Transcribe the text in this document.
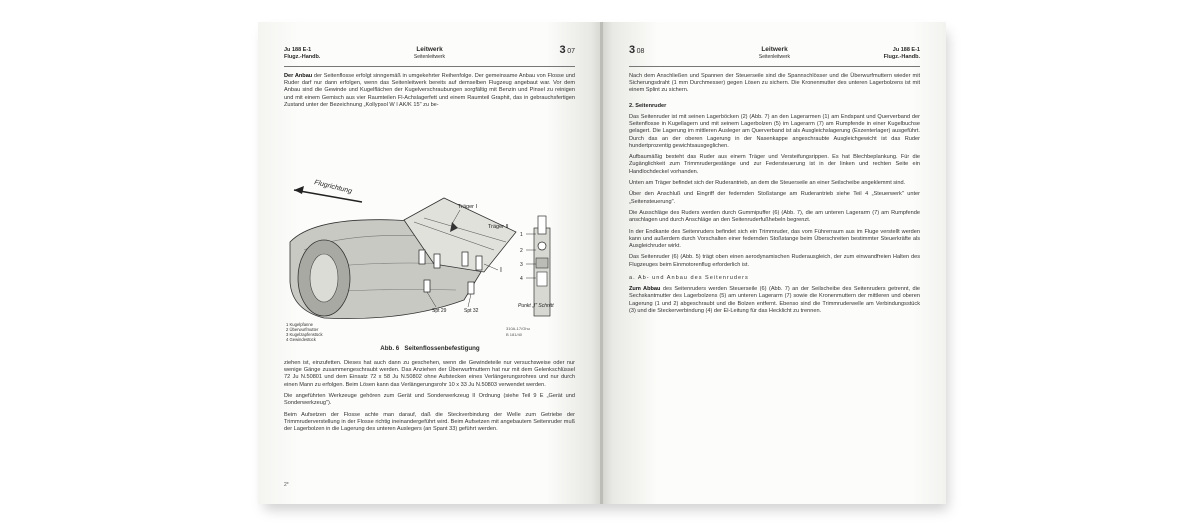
Ju 188 E-1
Flugz.-Handb.
Leitwerk
Seitenleitwerk
3 07

Der Anbau der Seitenflosse erfolgt sinngemäß in umgekehrter Reihenfolge. Der gemeinsame Anbau von Flosse und Ruder darf nur dann erfolgen, wenn das Seitenleitwerk bereits auf demselben Flugzeug angebaut war. Vor dem Anbau sind die Gewinde und Kugelflächen der Kugelverschraubungen sorgfältig mit Benzin und Pinsel zu reinigen und mit einem Gemisch aus vier Raumteilen Fl-Achslagerfett und einem Raumteil Graphit, das in gebrauchsfertigen Zustand unter der Bezeichnung „Kollypsol W I AK/K 15" zu be-

Flugrichtung
Träger I
Träger II
Spt 29	Spt 32
I
1
2
3
4
Punkt „I" Schnitt
310A-17/Ghu
B 181/40
1 Kugelpfanne
2 Überwurfmutter
3 Kugelzapfenstück
4 Gewindestück
Abb. 6 Seitenflossenbefestigung

ziehen ist, einzufetten. Dieses hat auch dann zu geschehen, wenn die Gewindeteile nur versuchsweise oder nur wenige Gänge zusammengeschraubt werden. Das Anziehen der Überwurfmuttern hat nur mit dem Gelenkschlüssel 72 Ju N.50801 und dem Einsatz 72 x 58 Ju N.50802 ohne Aufstecken eines Verlängerungsrohres und nur durch einen Mann zu erfolgen. Beim Lösen kann das Verlängerungsrohr 10 x 33 Ju N.50803 verwendet werden.

Die angeführten Werkzeuge gehören zum Gerät und Sonderwerkzeug II Ordnung (siehe Teil 9 E „Gerät und Sonderwerkzeug").

Beim Aufsetzen der Flosse achte man darauf, daß die Steckverbindung der Welle zum Getriebe der Trimmruderverstellung in der Flosse richtig ineinandergeführt wird. Beim Aufsetzen mit angebautem Seitenruder muß der Lagerbolzen in die Lagerung des unteren Auslegers (an Spant 33) geführt werden.

2*
3 08	Leitwerk
Seitenleitwerk
Ju 188 E-1
Flugz.-Handb.

Nach dem Anschließen und Spannen der Steuerseile sind die Spannschlösser und die Überwurfmuttern wieder mit Sicherungsdraht (1 mm Durchmesser) gegen Lösen zu sichern. Die Kronenmutter des unteren Lagerbolzens ist mit einem Splint zu sichern.

2. Seitenruder

Das Seitenruder ist mit seinen Lagerböcken (2) (Abb. 7) an den Lagerarmen (1) am Endspant und Querverband der Seitenflosse in Kugellagern und mit seinem Lagerbolzen (5) im Lagerarm (7) am Rumpfende in einer Kugelbuchse gelagert. Die Lagerung im mittleren Ausleger am Querverband ist als Ausgleichslagerung (Exzenterlager) ausgeführt. Durch das an der oberen Lagerung in der Nasenkappe angeschraubte Ausgleichgewicht ist das Ruder hundertprozentig gewichtsausgeglichen.

Aufbaumäßig besteht das Ruder aus einem Träger und Versteifungsrippen. Es hat Blechbeplankung. Für die Zugänglichkeit zum Trimmrudergestänge und zur Federsteuerung ist in der linken und rechten Seite ein Handlochdeckel vorhanden.

Unten am Träger befindet sich der Ruderantrieb, an dem die Steuerseile an einer Seilscheibe angeklemmt sind.

Über den Anschluß und Eingriff der federnden Stoßstange am Ruderantrieb siehe Teil 4 „Steuerwerk" unter „Seitensteuerung".

Die Ausschläge des Ruders werden durch Gummipuffer (6) (Abb. 7), die am unteren Lagerarm (7) am Rumpfende anschlagen und durch Anschläge an den Seitenruderfußhebeln begrenzt.

In der Endkante des Seitenruders befindet sich ein Trimmruder, das vom Führerraum aus im Fluge verstellt werden kann und außerdem durch Vorschalten einer federnden Stoßstange beim Überschreiten bestimmter Steuerkräfte als Ausgleichruder wirkt.

Das Seitenruder (6) (Abb. 5) trägt oben einen aerodynamischen Ruderausgleich, der zum einwandfreien Halten des Flugzeuges beim Einmotorenflug erforderlich ist.

a. Ab- und Anbau des Seitenruders

Zum Abbau des Seitenruders werden Steuerseile (6) (Abb. 7) an der Seilscheibe des Seitenruders getrennt, die Sechskantmutter des Lagerbolzens (5) am unteren Lagerarm (7) sowie die Kronenmuttern der mittleren und oberen Lagerung (1 und 2) abgeschraubt und die Bolzen entfernt. Ebenso sind die Trimmruderwelle am Verbindungsstück (3) und die Steckerverbindung (4) der El-Leitung für das Hecklicht zu trennen.
